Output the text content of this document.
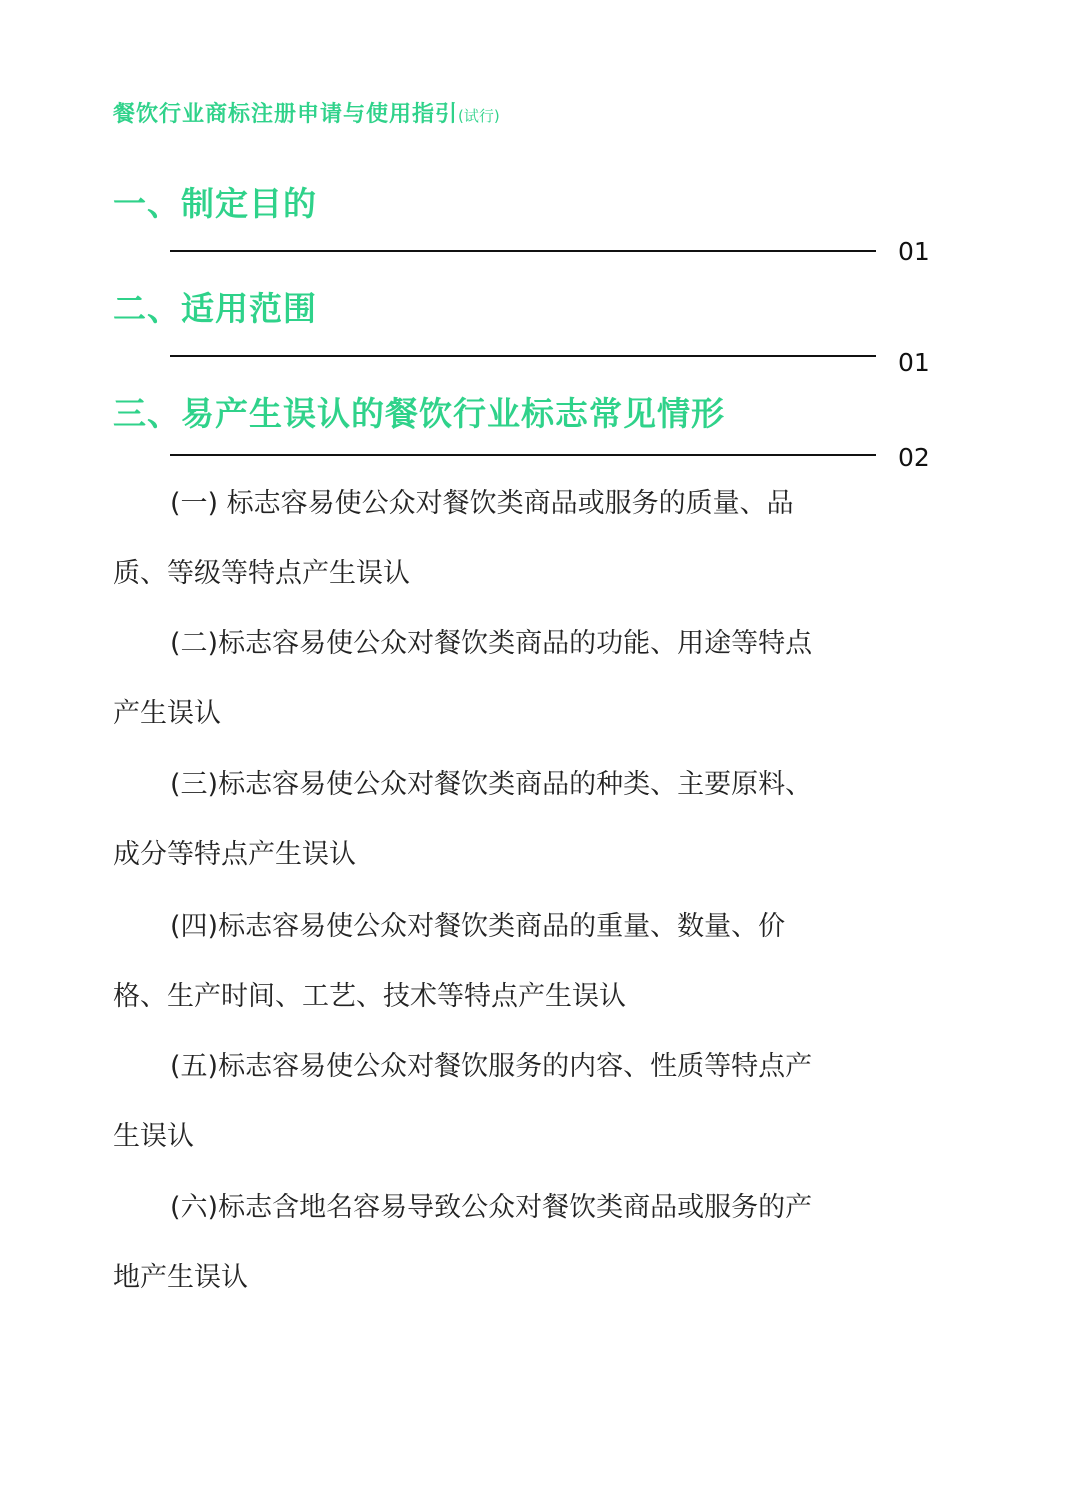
餐饮行业商标注册申请与使用指引(试行)
一、制定目的
01
二、适用范围
01
三、易产生误认的餐饮行业标志常见情形
02
(一) 标志容易使公众对餐饮类商品或服务的质量、品质、等级等特点产生误认
(二)标志容易使公众对餐饮类商品的功能、用途等特点产生误认
(三)标志容易使公众对餐饮类商品的种类、主要原料、成分等特点产生误认
(四)标志容易使公众对餐饮类商品的重量、数量、价格、生产时间、工艺、技术等特点产生误认
(五)标志容易使公众对餐饮服务的内容、性质等特点产生误认
(六)标志含地名容易导致公众对餐饮类商品或服务的产地产生误认
